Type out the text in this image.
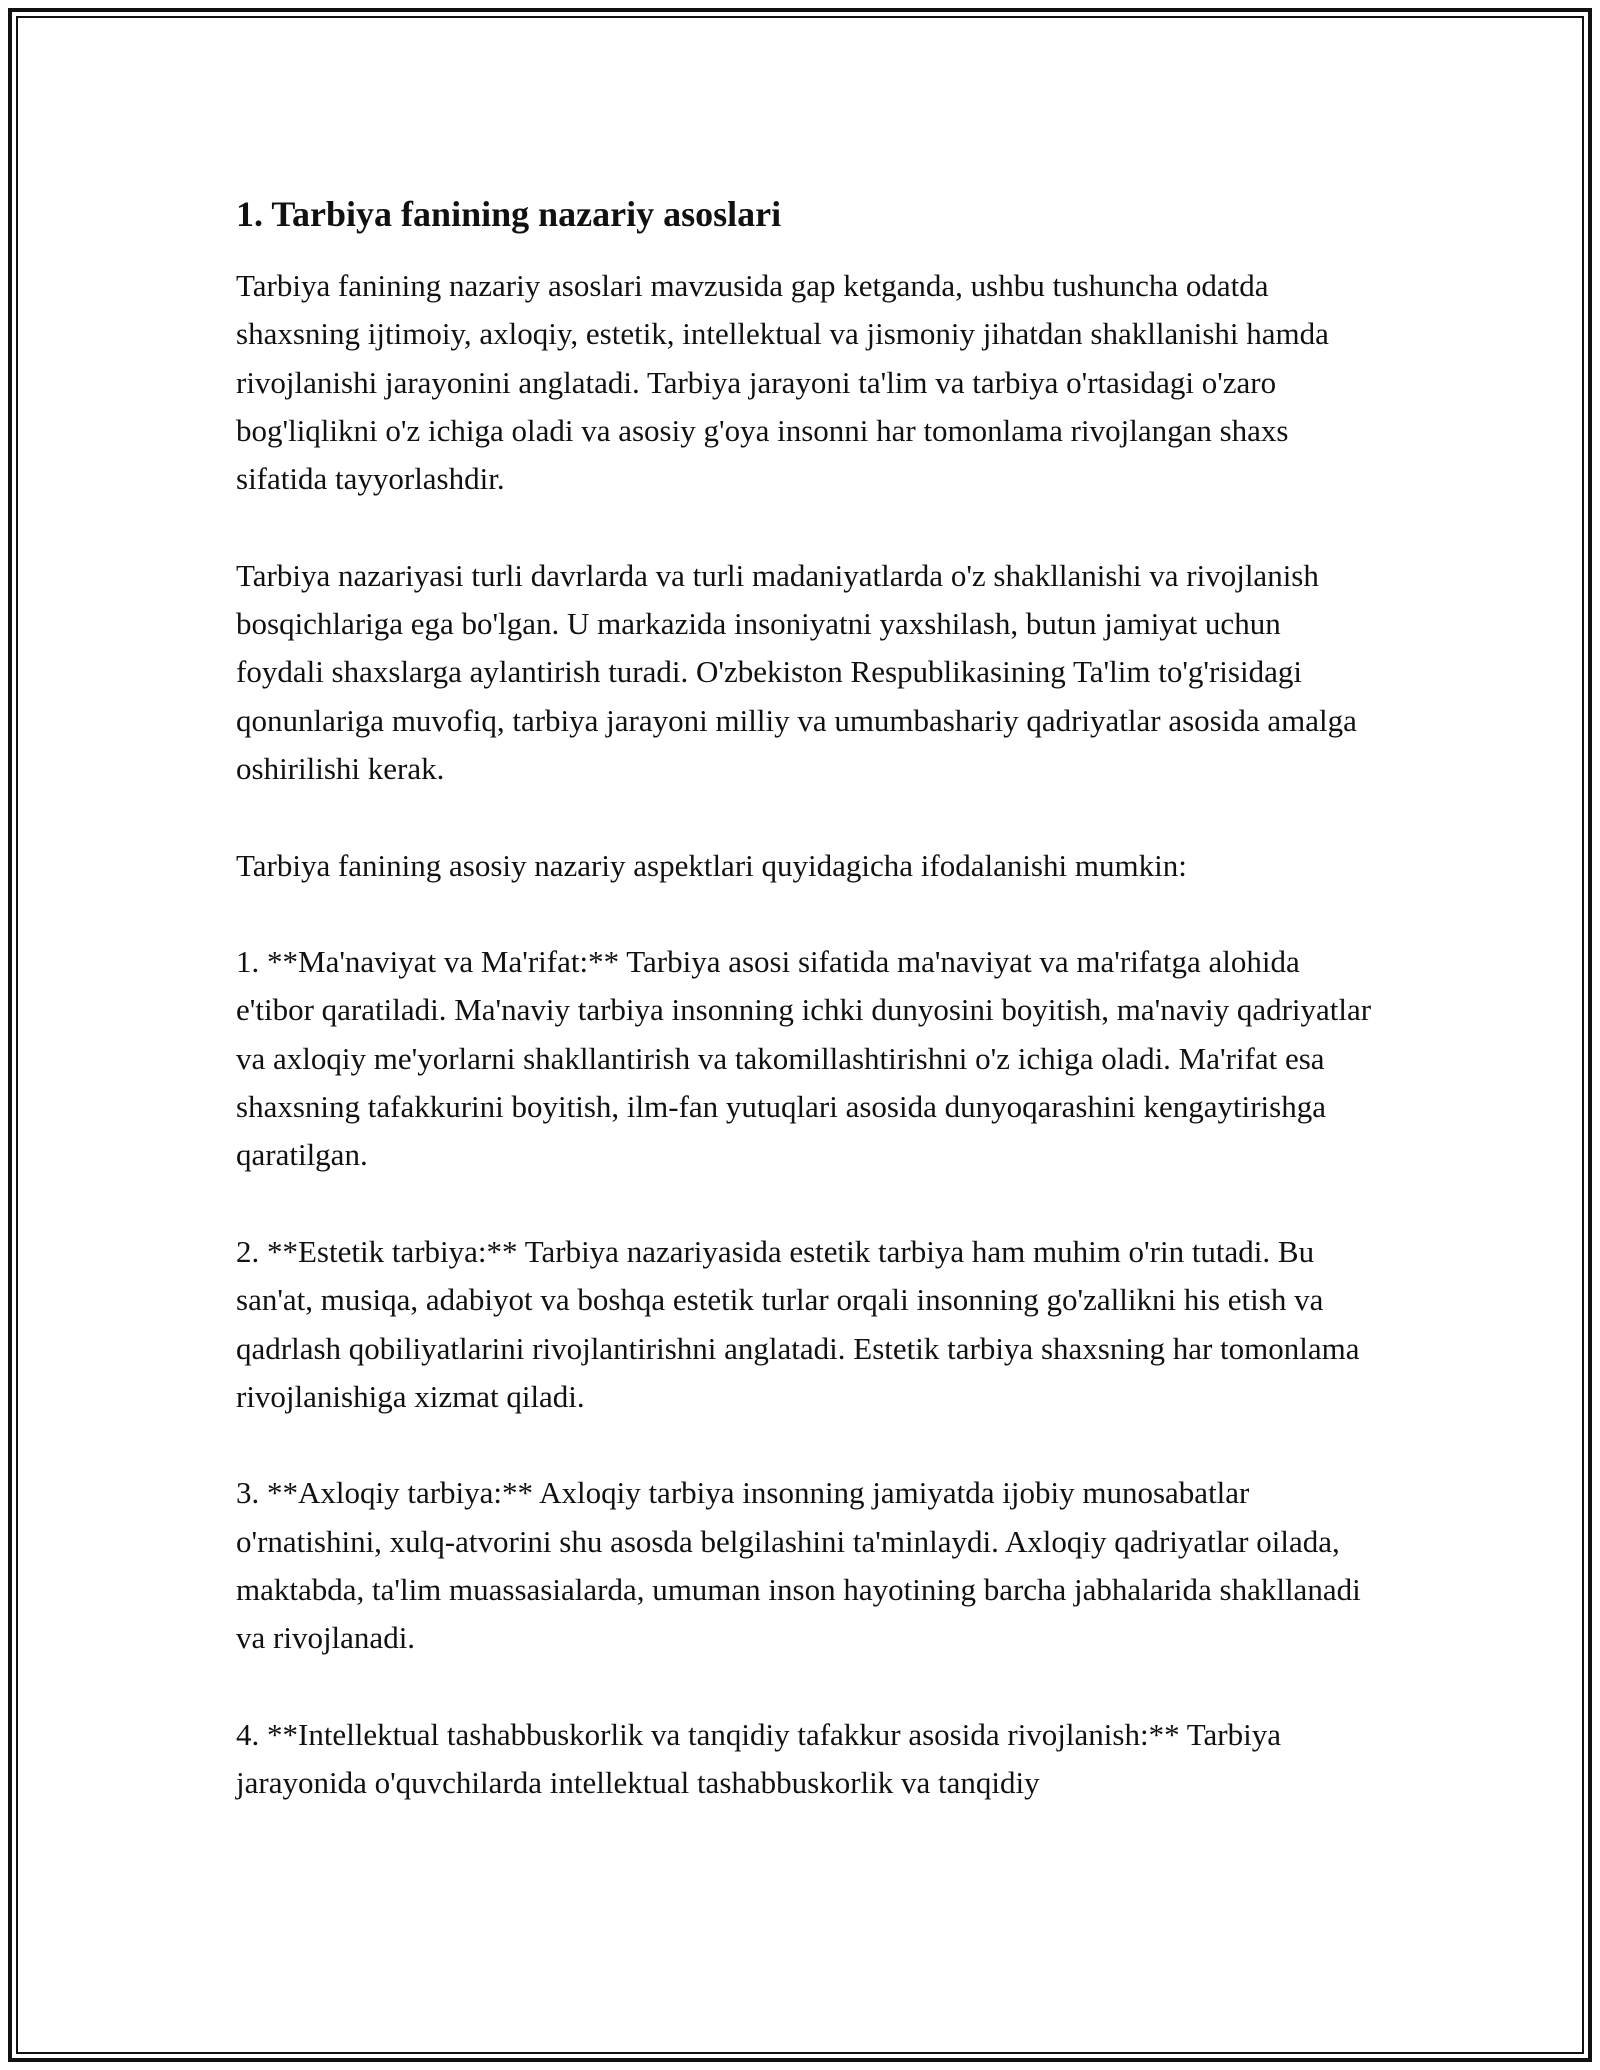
1. Tarbiya fanining nazariy asoslari

Tarbiya fanining nazariy asoslari mavzusida gap ketganda, ushbu tushuncha odatda shaxsning ijtimoiy, axloqiy, estetik, intellektual va jismoniy jihatdan shakllanishi hamda rivojlanishi jarayonini anglatadi. Tarbiya jarayoni ta'lim va tarbiya o'rtasidagi o'zaro bog'liqlikni o'z ichiga oladi va asosiy g'oya insonni har tomonlama rivojlangan shaxs sifatida tayyorlashdir.

Tarbiya nazariyasi turli davrlarda va turli madaniyatlarda o'z shakllanishi va rivojlanish bosqichlariga ega bo'lgan. U markazida insoniyatni yaxshilash, butun jamiyat uchun foydali shaxslarga aylantirish turadi. O'zbekiston Respublikasining Ta'lim to'g'risidagi qonunlariga muvofiq, tarbiya jarayoni milliy va umumbashariy qadriyatlar asosida amalga oshirilishi kerak.

Tarbiya fanining asosiy nazariy aspektlari quyidagicha ifodalanishi mumkin:

1. **Ma'naviyat va Ma'rifat:** Tarbiya asosi sifatida ma'naviyat va ma'rifatga alohida e'tibor qaratiladi. Ma'naviy tarbiya insonning ichki dunyosini boyitish, ma'naviy qadriyatlar va axloqiy me'yorlarni shakllantirish va takomillashtirishni o'z ichiga oladi. Ma'rifat esa shaxsning tafakkurini boyitish, ilm-fan yutuqlari asosida dunyoqarashini kengaytirishga qaratilgan.

2. **Estetik tarbiya:** Tarbiya nazariyasida estetik tarbiya ham muhim o'rin tutadi. Bu san'at, musiqa, adabiyot va boshqa estetik turlar orqali insonning go'zallikni his etish va qadrlash qobiliyatlarini rivojlantirishni anglatadi. Estetik tarbiya shaxsning har tomonlama rivojlanishiga xizmat qiladi.

3. **Axloqiy tarbiya:** Axloqiy tarbiya insonning jamiyatda ijobiy munosabatlar o'rnatishini, xulq-atvorini shu asosda belgilashini ta'minlaydi. Axloqiy qadriyatlar oilada, maktabda, ta'lim muassasialarda, umuman inson hayotining barcha jabhalarida shakllanadi va rivojlanadi.

4. **Intellektual tashabbuskorlik va tanqidiy tafakkur asosida rivojlanish:** Tarbiya jarayonida o'quvchilarda intellektual tashabbuskorlik va tanqidiy
